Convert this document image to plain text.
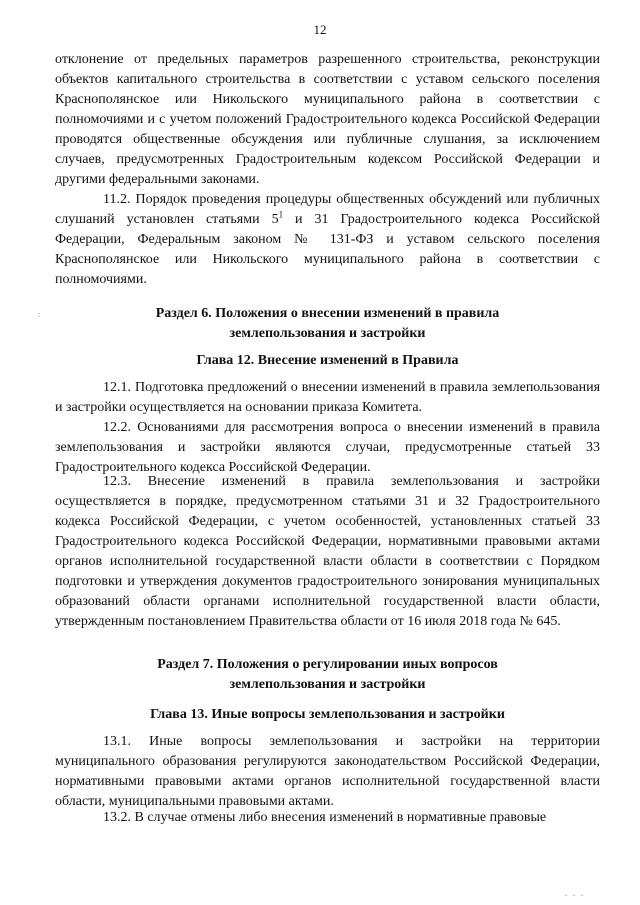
12

отклонение от предельных параметров разрешенного строительства, реконструкции объектов капитального строительства в соответствии с уставом сельского поселения Краснополянское или Никольского муниципального района в соответствии с полномочиями и с учетом положений Градостроительного кодекса Российской Федерации проводятся общественные обсуждения или публичные слушания, за исключением случаев, предусмотренных Градостроительным кодексом Российской Федерации и другими федеральными законами.

11.2. Порядок проведения процедуры общественных обсуждений или публичных слушаний установлен статьями $5^1$ и 31 Градостроительного кодекса Российской Федерации, Федеральным законом № 131-ФЗ и уставом сельского поселения Краснополянское или Никольского муниципального района в соответствии с полномочиями.

:	Раздел 6. Положения о внесении изменений в правила

землепользования и застройки

Глава 12. Внесение изменений в Правила

12.1. Подготовка предложений о внесении изменений в правила землепользования и застройки осуществляется на основании приказа Комитета.

12.2. Основаниями для рассмотрения вопроса о внесении изменений в правила землепользования и застройки являются случаи, предусмотренные статьей 33 Градостроительного кодекса Российской Федерации.

12.3. Внесение изменений в правила землепользования и застройки осуществляется в порядке, предусмотренном статьями 31 и 32 Градостроительного кодекса Российской Федерации, с учетом особенностей, установленных статьей 33 Градостроительного кодекса Российской Федерации, нормативными правовыми актами органов исполнительной государственной власти области в соответствии с Порядком подготовки и утверждения документов градостроительного зонирования муниципальных образований области органами исполнительной государственной власти области, утвержденным постановлением Правительства области от 16 июля 2018 года № 645.

Раздел 7. Положения о регулировании иных вопросов

землепользования и застройки

Глава 13. Иные вопросы землепользования и застройки

13.1. Иные вопросы землепользования и застройки на территории муниципального образования регулируются законодательством Российской Федерации, нормативными правовыми актами органов исполнительной государственной власти области, муниципальными правовыми актами.

13.2. В случае отмены либо внесения изменений в нормативные правовые

. . .
